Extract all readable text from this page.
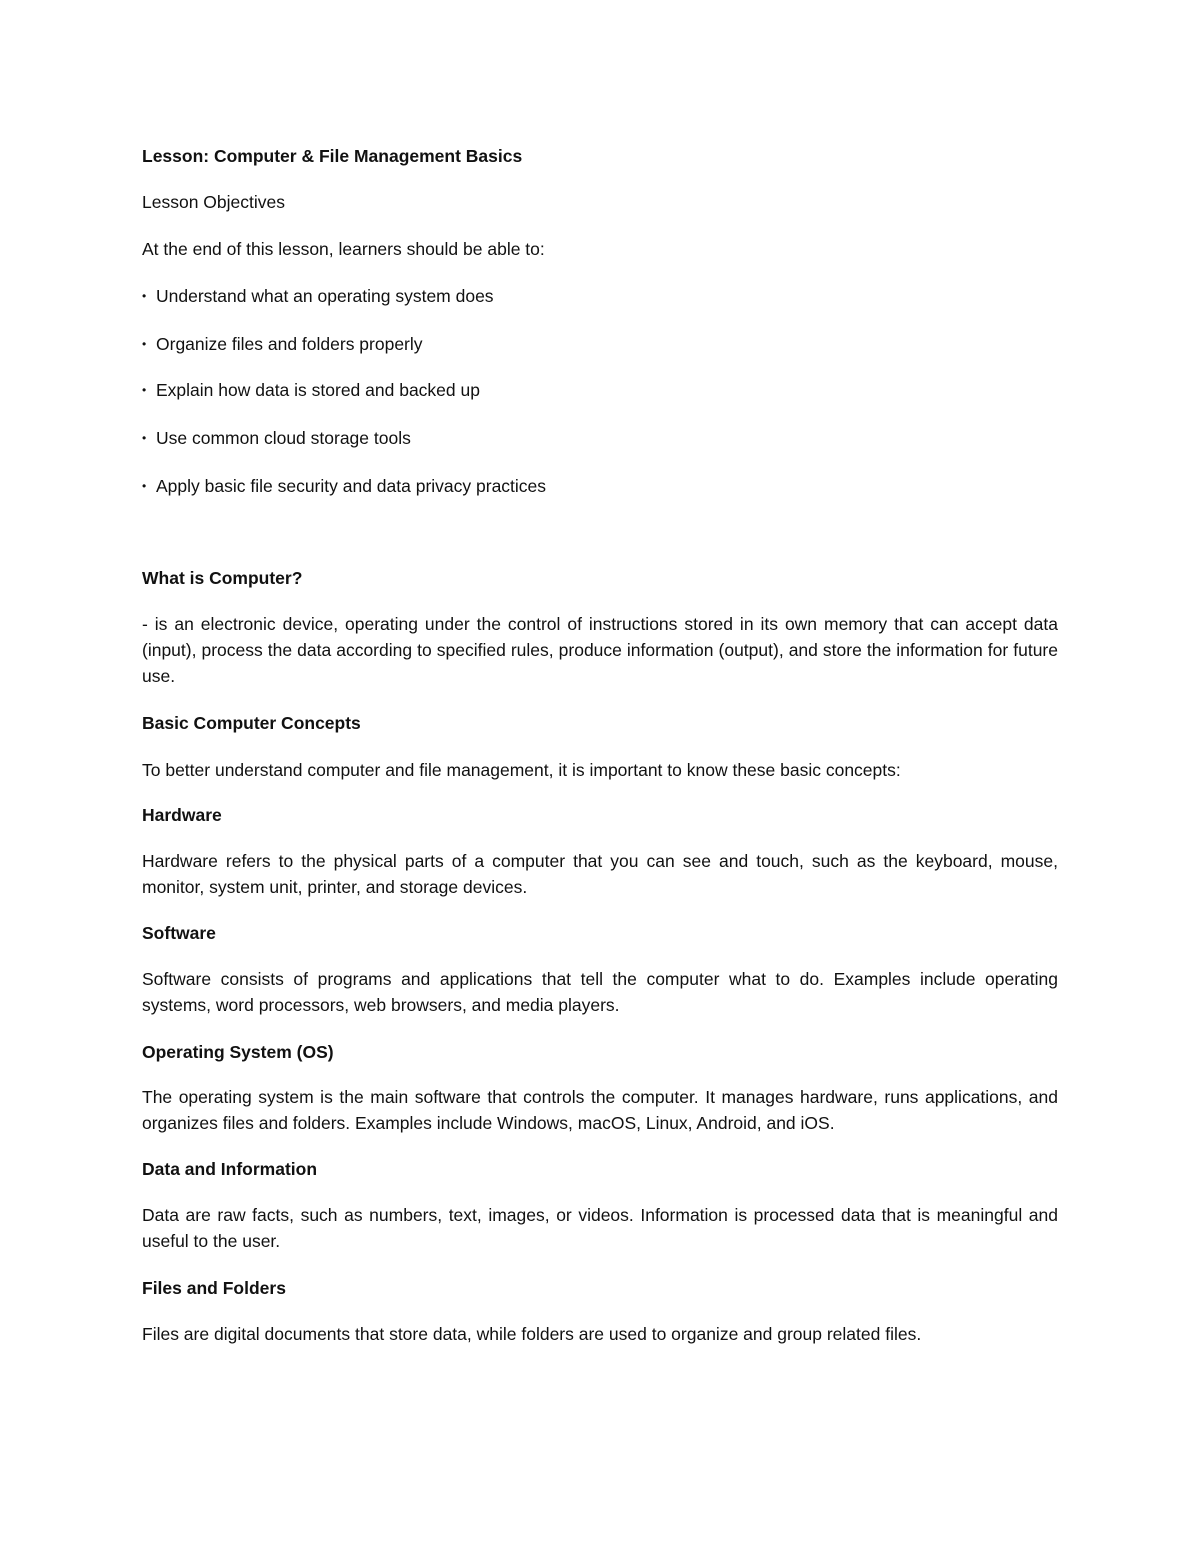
Lesson: Computer & File Management Basics

Lesson Objectives

At the end of this lesson, learners should be able to:

• Understand what an operating system does

• Organize files and folders properly

• Explain how data is stored and backed up

• Use common cloud storage tools

• Apply basic file security and data privacy practices

What is Computer?

- is an electronic device, operating under the control of instructions stored in its own memory that can accept data (input), process the data according to specified rules, produce information (output), and store the information for future use.

Basic Computer Concepts

To better understand computer and file management, it is important to know these basic concepts:

Hardware

Hardware refers to the physical parts of a computer that you can see and touch, such as the keyboard, mouse, monitor, system unit, printer, and storage devices.

Software

Software consists of programs and applications that tell the computer what to do. Examples include operating systems, word processors, web browsers, and media players.

Operating System (OS)

The operating system is the main software that controls the computer. It manages hardware, runs applications, and organizes files and folders. Examples include Windows, macOS, Linux, Android, and iOS.

Data and Information

Data are raw facts, such as numbers, text, images, or videos. Information is processed data that is meaningful and useful to the user.

Files and Folders

Files are digital documents that store data, while folders are used to organize and group related files.
